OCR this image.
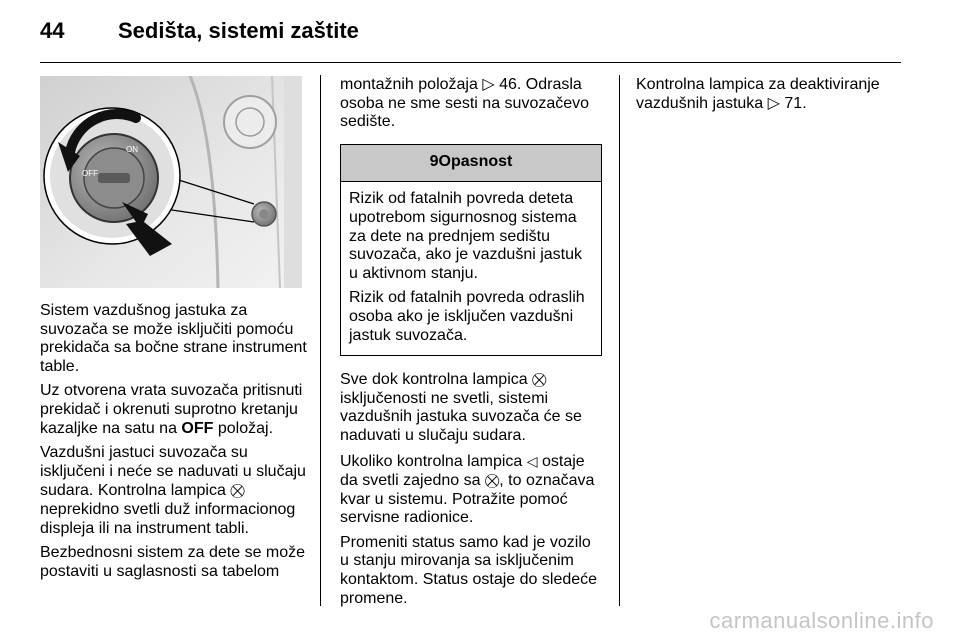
44 Sedišta, sistemi zaštite
ON
OFF

Sistem vazdušnog jastuka za suvozača se može isključiti pomoću prekidača sa bočne strane instrument table.

Uz otvorena vrata suvozača pritisnuti prekidač i okrenuti suprotno kretanju kazaljke na satu na OFF položaj.

Vazdušni jastuci suvozača su isključeni i neće se naduvati u slučaju sudara. Kontrolna lampica ⛒ neprekidno svetli duž informacionog displeja ili na instrument tabli.

Bezbednosni sistem za dete se može postaviti u saglasnosti sa tabelom

montažnih položaja ▷ 46. Odrasla osoba ne sme sesti na suvozačevo sedište.

9Opasnost

Rizik od fatalnih povreda deteta upotrebom sigurnosnog sistema za dete na prednjem sedištu suvozača, ako je vazdušni jastuk u aktivnom stanju.

Rizik od fatalnih povreda odraslih osoba ako je isključen vazdušni jastuk suvozača.

Sve dok kontrolna lampica ⛒ isključenosti ne svetli, sistemi vazdušnih jastuka suvozača će se naduvati u slučaju sudara.

Ukoliko kontrolna lampica ◁ ostaje da svetli zajedno sa ⛒, to označava kvar u sistemu. Potražite pomoć servisne radionice.

Promeniti status samo kad je vozilo u stanju mirovanja sa isključenim kontaktom. Status ostaje do sledeće promene.

Kontrolna lampica za deaktiviranje vazdušnih jastuka ▷ 71.

carmanualsonline.info
